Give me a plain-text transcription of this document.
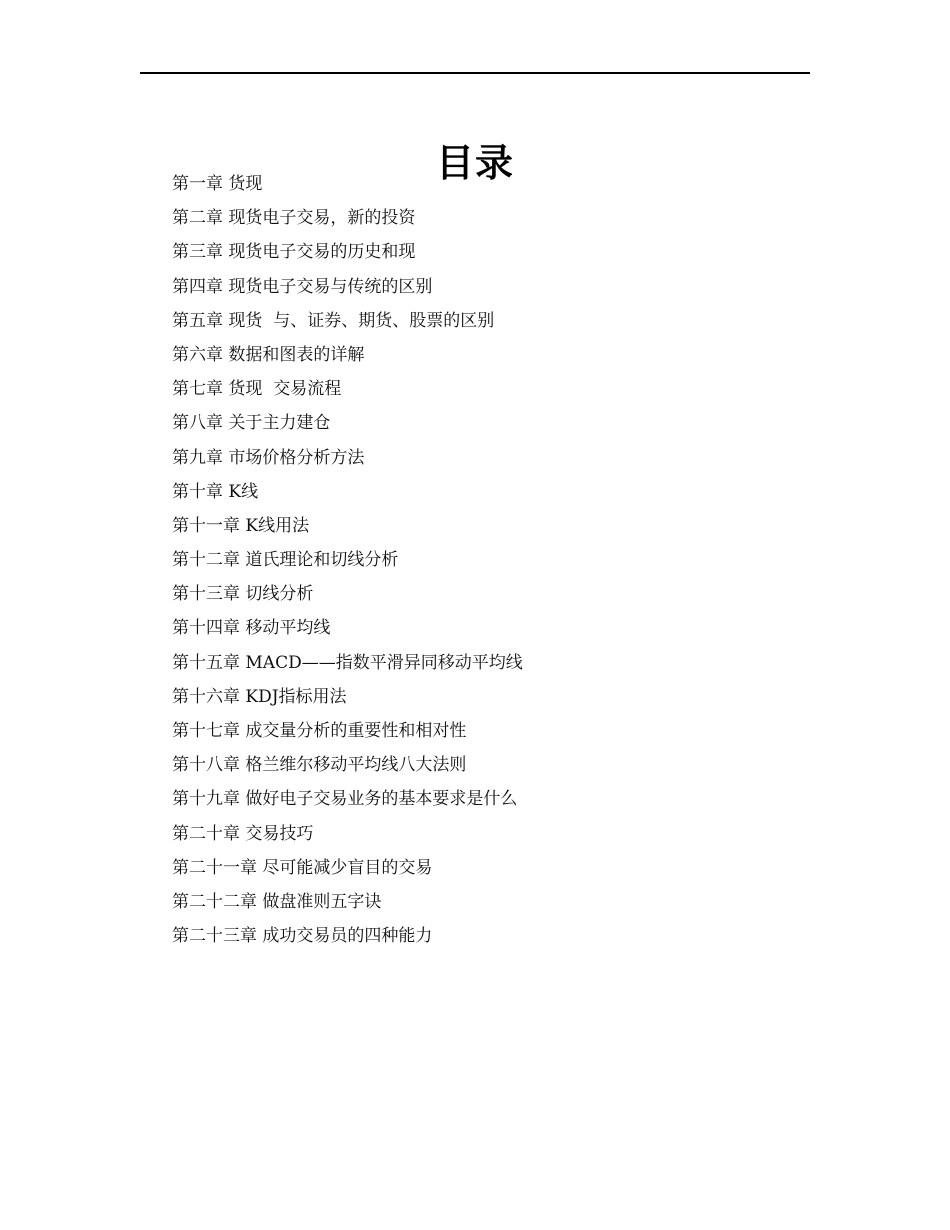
目录
第一章 货现
第二章 现货电子交易，新的投资
第三章 现货电子交易的历史和现
第四章 现货电子交易与传统的区别
第五章 现货  与、证券、期货、股票的区别
第六章 数据和图表的详解
第七章 货现  交易流程
第八章 关于主力建仓
第九章 市场价格分析方法
第十章 K线
第十一章 K线用法
第十二章 道氏理论和切线分析
第十三章 切线分析
第十四章 移动平均线
第十五章 MACD——指数平滑异同移动平均线
第十六章 KDJ指标用法
第十七章 成交量分析的重要性和相对性
第十八章 格兰维尔移动平均线八大法则
第十九章 做好电子交易业务的基本要求是什么
第二十章 交易技巧
第二十一章 尽可能减少盲目的交易
第二十二章 做盘准则五字诀
第二十三章 成功交易员的四种能力
